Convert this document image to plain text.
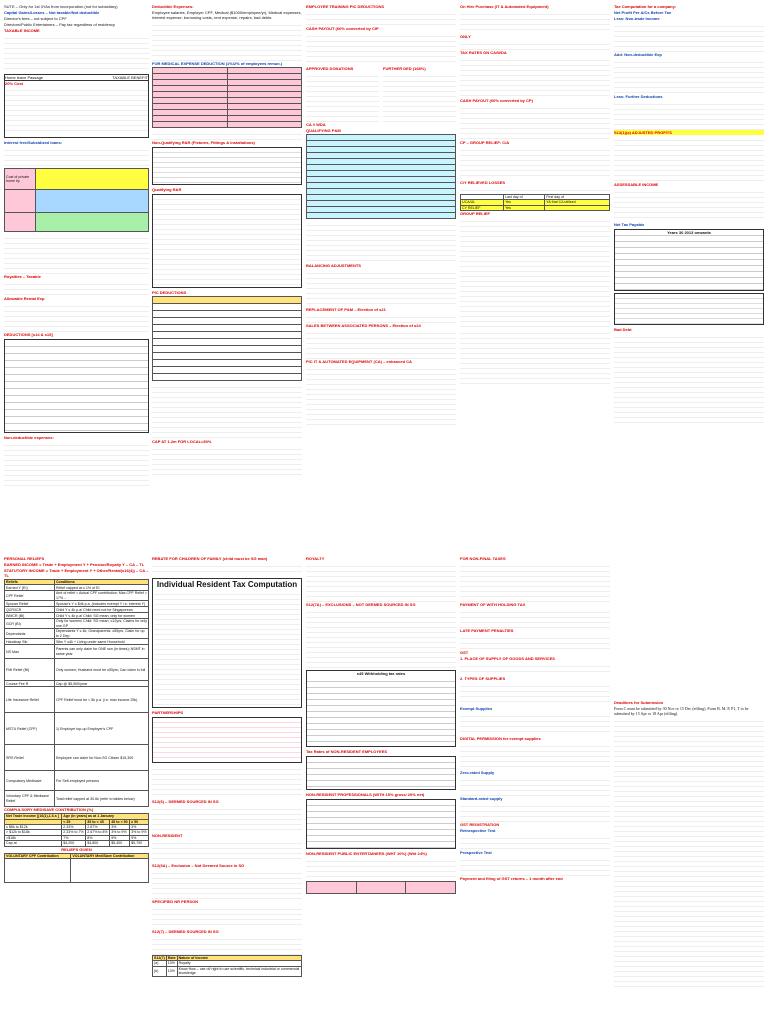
SUTE – Only for 1st 3YAs from incorporation (not for subsidiary)

Capital Gains/Losses – Not taxable/Not deductible

Director's fees – not subject to CPF

Directors/Public Entertainers – Pay tax regardless of residency

TAXABLE INCOME

Home leave Passage	TAXABLE BENEFIT
20% Cost

Interest free/Subsidized loans:

Cost of private home by	

Royalties – Taxable

Allowable Rental Exp

DEDUCTIONS [s14 & s15]

Non-deductible expenses:

Deductible Expenses:

Employee salaries, Employer CPF, Medical ($1000/employee/yr), Medical expenses, Interest expense, borrowing costs, rent expense, repairs, bad debts

FOR MEDICAL EXPENSE DEDUCTION (1%/2% of employees remun.)

Non-Qualifying R&R (Fixtures, Fittings & Installations)

Qualifying R&R

PIC DEDUCTIONS

CAP AT 1.2m FOR LOCAL=50%

EMPLOYEE TRAINING PIC DEDUCTIONS

CASH PAYOUT (60% converted by CIP

APPROVED DONATIONS	FURTHER DED (168%)

CA // WDA

QUALIFYING P&M

BALANCING ADJUSTMENTS

REPLACEMENT OF P&M – Election of s21

SALES BETWEEN ASSOCIATED PERSONS – Election of s24

PIC IT & AUTOMATED EQUIPMENT (CA) – enhanced CA

On Hire Purchase (IT & Automated Equipment)

ONLY

TAX RATES ON CA/WDA

CASH PAYOUT (60% converted by CP)

CP – GROUP RELIEF: C/A

C/Y RELIEVED LOSSES

	Last day of	First day of
UCA/UL	Yes	YA that CA utilised
CY RELIEF	Yes	

GROUP RELIEF

Tax Computation for a company:

Net Profit Per A/Cs Before Tax

Less: Non-trade Income

Add: Non-deductible Exp

Less: Further Deductions

S13(1)(a) ADJUSTED PROFITS

ASSESSABLE INCOME

Net Tax Payable

Years 30 2013 onwards

Bad Debt

PERSONAL RELIEFS

EARNED INCOME = Trade + Employment Y + Pension/Royalty Y – CA – TL

STATUTORY INCOME = Trade + Employment Y + Other/Rental(s16(4)) – CA – TL

Reliefs	Conditions
Earned Y (EI)	Relief capped at ≤ 1% of EI
CPF Relief	Amt of relief = Actual CPF contribution; Max CPF Relief = 17% ...
Spouse Relief	Spouse's Y ≤ $4k p.a. (includes exempt Y i.e. interest Y)
QCR/ICR	Child Y ≤ 4k p.a/ Child need not be Singaporean
WMCR (BI)	Child Y ≤ 4k p.a/ Child: SG mean; only for women
GCR (BI)	Only for women/ Child: SG mean, ≤12yrs; Claims for only one GP
Dependants	Dependants Y ≤ 4k; Grandparents: ≥55yrs, Claim for up to 2 Dep
Handicap Sib	Sibs Y ≤4k + Living under same Household
NS Man	Parents can only claim for ONE son (in times); NSMT in same year
FMI Relief (BI)	Only women; Husband must be ≥55yrs; Can claim in full
Course Fee R	Cap @ $5,500/year
Life Insurance Relief	CPF Relief must be < 5k p.a. (i.e. max income 25k)
MSTU Relief (CPF)	1) Employer top-up Employer's CPF
SRS Relief	Employee can claim for Non-SG Citizen $15,300
Compulsory Medisave	For Self-employed persons
Voluntary CPF & Medisave Relief	Total relief capped at 30.6k (refer to tables below)

COMPULSORY MEDISAVE CONTRIBUTION (%)

Net Trade Income [(16(1),1.6.s ]	Age (in years) as at 1 January			
	< 35	35 to < 45	45 to < 50	≥ 50
≤ $6k to $12k	2.33%	2.67%	3%	3%
> $12k to $18k	2.33% to 7%	2.67% to 8%	3% to 9%	3% to 9%
>$18k	7%	8%	9%	9%
Cap at	$4,200	$4,800	$5,400	$5,700

RELIEFS GIVEN

VOLUNTARY CPF Contribution	VOLUNTARY MediSave Contribution

REBATE FOR CHILDREN OF FAMILY (child must be SG man)

Individual Resident Tax Computation

PARTNERSHIPS

S12(6) – DEEMED SOURCED IN SG

NON-RESIDENT

S12(6A) – Exclusion – Not Deemed Source in SG

SPECIFIED NR PERSON

S12(7) – DEEMED SOURCED IN SG

S12(7)	Rate	Nature of Income
(a)	10%	Royalty
(b)	10%	Know How – use of/ right to use scientific, technical industrial or commercial knowledge

ROYALTY

S12(7A) – EXCLUSIONS – NOT DEEMED SOURCED IN SG

s45 Withholding tax rates

Tax Rates of NON-RESIDENT EMPLOYEES

NON-RESIDENT PROFESSIONALS (WITH 15% gross/ 20% net)

NON-RESIDENT PUBLIC ENTERTAINERS (WHT 10%) (Wht 24%)

FOR NON-FINAL TAXES

PAYMENT OF WITH HOLDING TAX

LATE PAYMENT PENALTIES

GST

1. PLACE OF SUPPLY OF GOODS AND SERVICES

2. TYPES OF SUPPLIES

Exempt Supplies

DIGITAL PERMISSION for exempt supplies

Zero-rated Supply

Standard-rated supply

GST REGISTRATION

Retrospective Test

Prospective Test

Payment and filing of GST returns – 1 month after end

Deadlines for Submission

Form C must be submitted by 30 Nov or 15 Dec (efiling). Form B, M, P, P1, T to be submitted by 15 Apr or 18 Apr (efiling).
